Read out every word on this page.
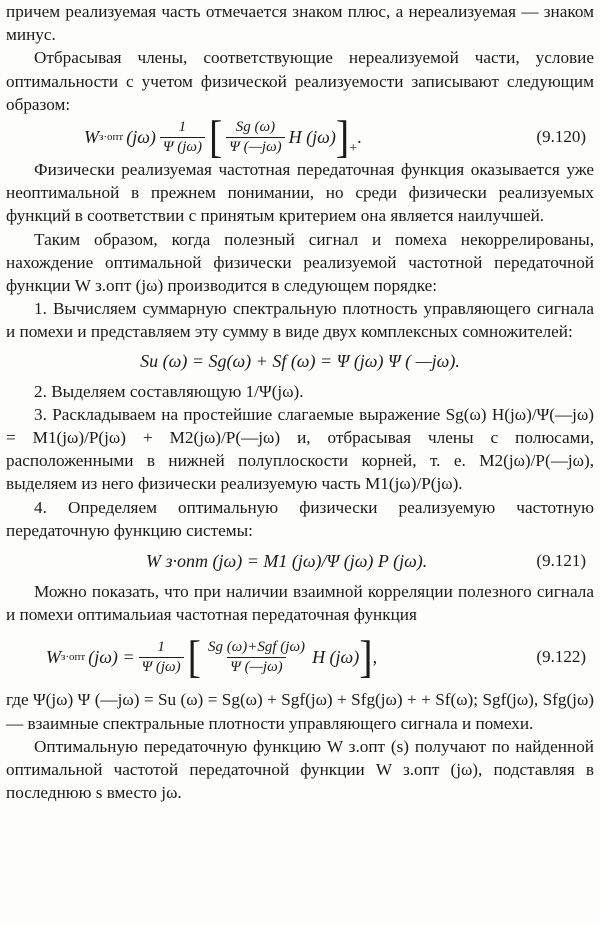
причем реализуемая часть отмечается знаком плюс, а нереализуемая — знаком минус.

Отбрасывая члены, соответствующие нереализуемой части, условие оптимальности с учетом физической реализуемости записывают следующим образом:

W з·опт $(j\omega) \frac{1}{\Psi (j\omega)}$ [ $\frac{Sg (\omega)}{\Psi (—j\omega)}$ H (jω) ]$_+$
.	(9.120)

Физически реализуемая частотная передаточная функция оказывается уже неоптимальной в прежнем понимании, но среди физически реализуемых функций в соответствии с принятым критерием она является наилучшей.

Таким образом, когда полезный сигнал и помеха некоррелированы, нахождение оптимальной физически реализуемой частотной передаточной функции W з.опт (jω) производится в следующем порядке:

1. Вычисляем суммарную спектральную плотность управляющего сигнала и помехи и представляем эту сумму в виде двух комплексных сомножителей:

Su (ω) = Sg(ω) + Sf (ω) = Ψ (jω) Ψ ( —jω).

2. Выделяем составляющую 1/Ψ(jω).

3. Раскладываем на простейшие слагаемые выражение Sg(ω) H(jω)/Ψ(—jω) = M1(jω)/P(jω) + M2(jω)/P(—jω) и, отбрасывая члены с полюсами, расположенными в нижней полуплоскости корней, т. е. M2(jω)/P(—jω), выделяем из него физически реализуемую часть M1(jω)/P(jω).

4. Определяем оптимальную физически реализуемую частотную передаточную функцию системы:

W з·опт (jω) = M1 (jω)/Ψ (jω) P (jω).	(9.121)

Можно показать, что при наличии взаимной корреляции полезного сигнала и помехи оптимальиая частотная передаточная функция

W з·опт $(j\omega) = \frac{1}{\Psi (j\omega)}$ [ $\frac{\text{Sg (ω)+Sgf (jω)}}{\Psi (—j\omega)}$ H (jω) ] ,	(9.122)

где Ψ(jω) Ψ (—jω) = Su (ω) = Sg(ω) + Sgf(jω) + Sfg(jω) + + Sf(ω); Sgf(jω), Sfg(jω) — взаимные спектральные плотности управляющего сигнала и помехи.

Оптимальную передаточную функцию W з.опт (s) получают по найденной оптимальной частотой передаточной функции W з.опт (jω), подставляя в последнюю s вместо jω.
